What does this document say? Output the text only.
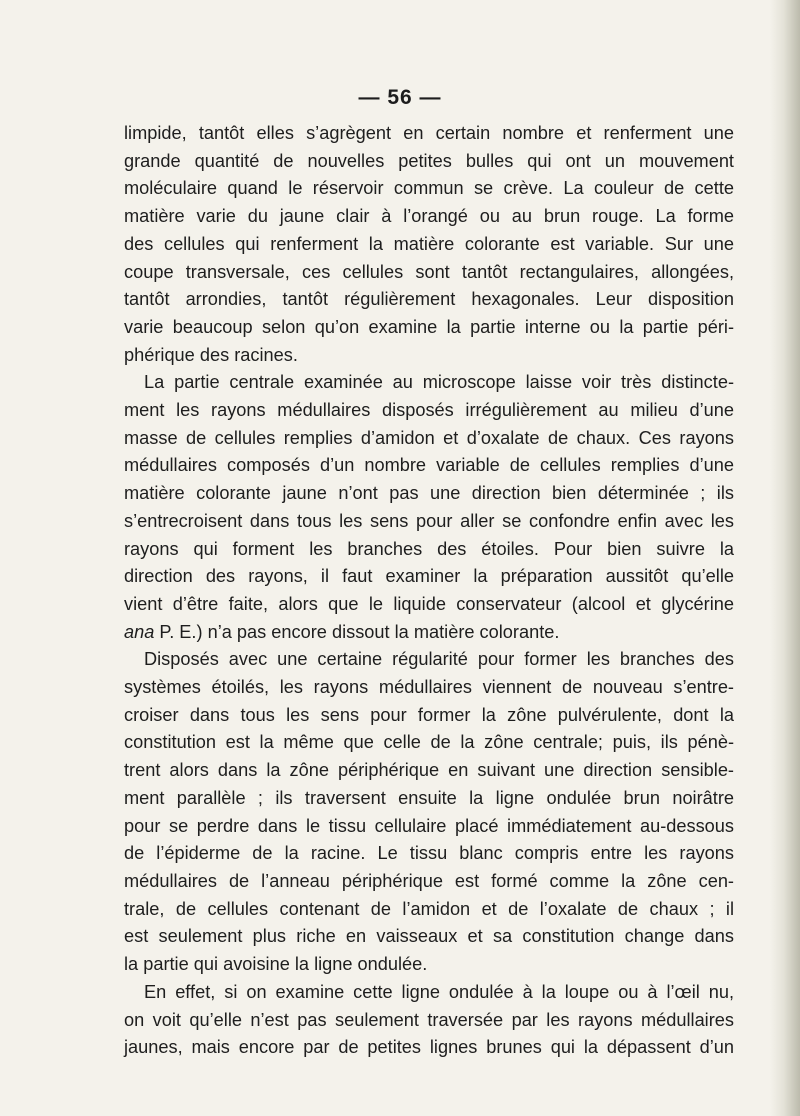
— 56 —

limpide, tantôt elles s’agrègent en certain nombre et renferment une
grande quantité de nouvelles petites bulles qui ont un mouvement
moléculaire quand le réservoir commun se crève. La couleur de cette
matière varie du jaune clair à l’orangé ou au brun rouge. La forme
des cellules qui renferment la matière colorante est variable. Sur une
coupe transversale, ces cellules sont tantôt rectangulaires, allongées,
tantôt arrondies, tantôt régulièrement hexagonales. Leur disposition
varie beaucoup selon qu’on examine la partie interne ou la partie péri-
phérique des racines.

La partie centrale examinée au microscope laisse voir très distincte-
ment les rayons médullaires disposés irrégulièrement au milieu d’une
masse de cellules remplies d’amidon et d’oxalate de chaux. Ces rayons
médullaires composés d’un nombre variable de cellules remplies d’une
matière colorante jaune n’ont pas une direction bien déterminée ; ils
s’entrecroisent dans tous les sens pour aller se confondre enfin avec les
rayons qui forment les branches des étoiles. Pour bien suivre la
direction des rayons, il faut examiner la préparation aussitôt qu’elle
vient d’être faite, alors que le liquide conservateur (alcool et glycérine
ana P. E.) n’a pas encore dissout la matière colorante.

Disposés avec une certaine régularité pour former les branches des
systèmes étoilés, les rayons médullaires viennent de nouveau s’entre-
croiser dans tous les sens pour former la zône pulvérulente, dont la
constitution est la même que celle de la zône centrale; puis, ils pénè-
trent alors dans la zône périphérique en suivant une direction sensible-
ment parallèle ; ils traversent ensuite la ligne ondulée brun noirâtre
pour se perdre dans le tissu cellulaire placé immédiatement au-dessous
de l’épiderme de la racine. Le tissu blanc compris entre les rayons
médullaires de l’anneau périphérique est formé comme la zône cen-
trale, de cellules contenant de l’amidon et de l’oxalate de chaux ; il
est seulement plus riche en vaisseaux et sa constitution change dans
la partie qui avoisine la ligne ondulée.

En effet, si on examine cette ligne ondulée à la loupe ou à l’œil nu,
on voit qu’elle n’est pas seulement traversée par les rayons médullaires
jaunes, mais encore par de petites lignes brunes qui la dépassent d’un
